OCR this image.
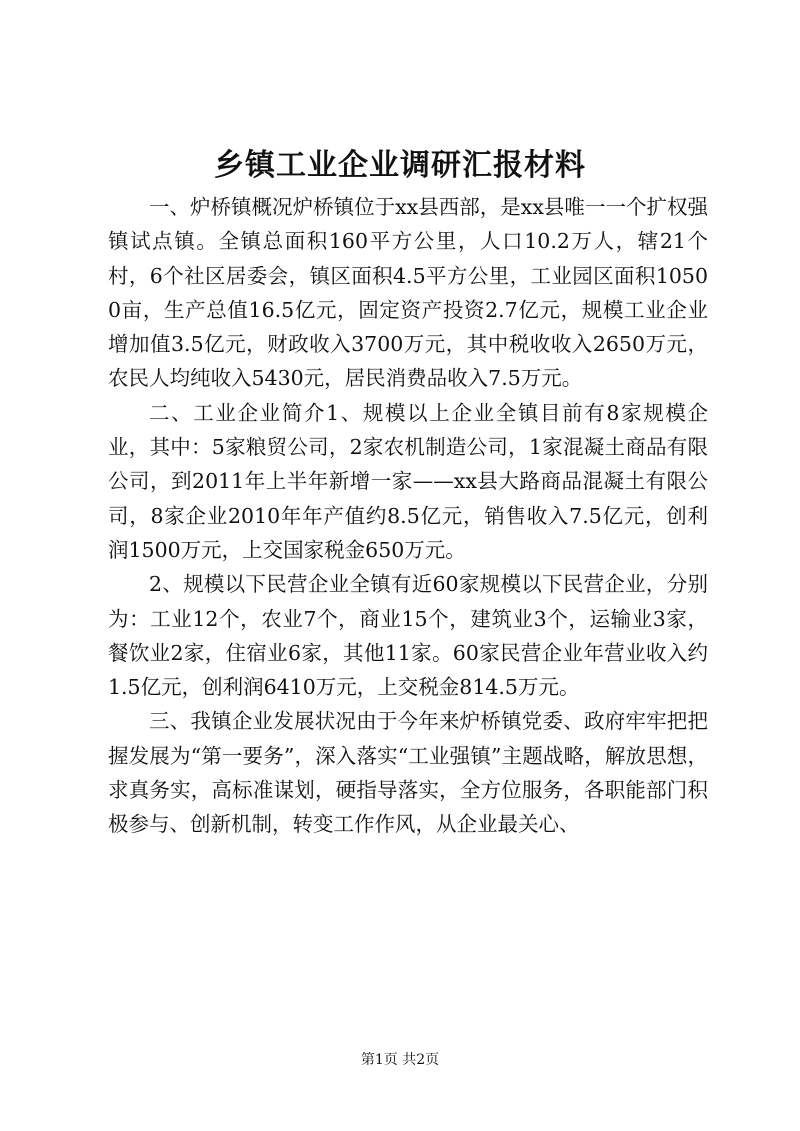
乡镇工业企业调研汇报材料

一、炉桥镇概况炉桥镇位于xx县西部，是xx县唯一一个扩权强镇试点镇。全镇总面积160平方公里，人口10.2万人，辖21个村，6个社区居委会，镇区面积4.5平方公里，工业园区面积10500亩，生产总值16.5亿元，固定资产投资2.7亿元，规模工业企业增加值3.5亿元，财政收入3700万元，其中税收收入2650万元，农民人均纯收入5430元，居民消费品收入7.5万元。

二、工业企业简介1、规模以上企业全镇目前有8家规模企业，其中：5家粮贸公司，2家农机制造公司，1家混凝土商品有限公司，到2011年上半年新增一家——xx县大路商品混凝土有限公司，8家企业2010年年产值约8.5亿元，销售收入7.5亿元，创利润1500万元，上交国家税金650万元。

2、规模以下民营企业全镇有近60家规模以下民营企业，分别为：工业12个，农业7个，商业15个，建筑业3个，运输业3家，餐饮业2家，住宿业6家，其他11家。60家民营企业年营业收入约1.5亿元，创利润6410万元，上交税金814.5万元。

三、我镇企业发展状况由于今年来炉桥镇党委、政府牢牢把把握发展为“第一要务”，深入落实“工业强镇”主题战略，解放思想，求真务实，高标准谋划，硬指导落实，全方位服务，各职能部门积极参与、创新机制，转变工作作风，从企业最关心、

第1页 共2页
